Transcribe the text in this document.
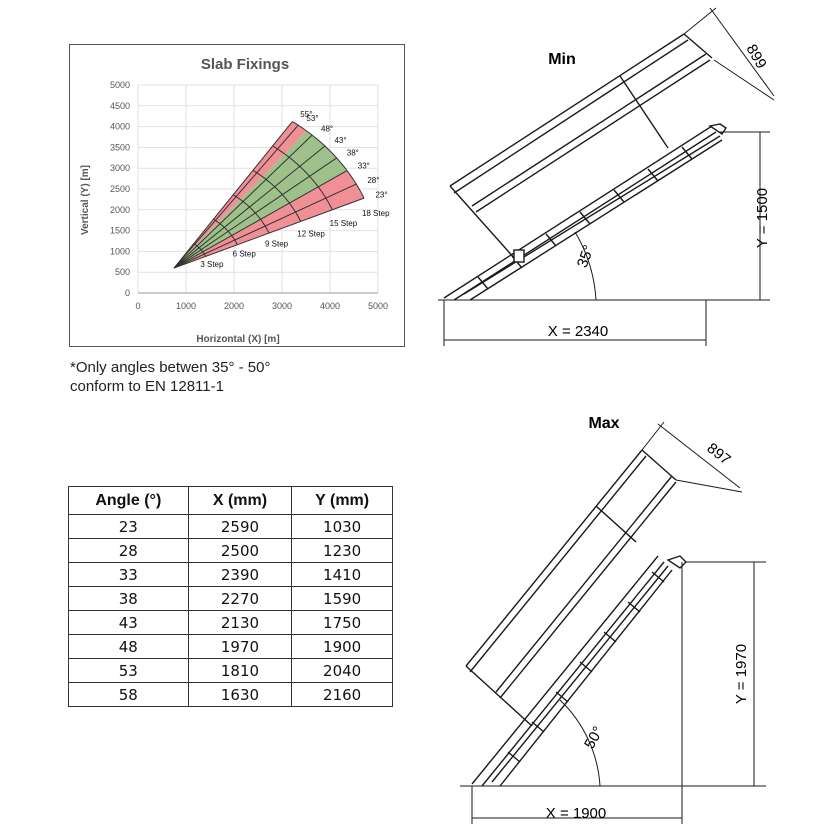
Slab Fixings
55°
53°
48°
43°
38°
33°
28°
23°
3 Step
6 Step
9 Step
12 Step
15 Step
18 Step
0	1000	2000	3000	4000	5000
0
500
1000
1500
2000
2500
3000
3500
4000
4500
5000
Horizontal (X) [m]
Vertical (Y) [m]
*Only angles betwen 35° - 50°
conform to EN 12811-1
Angle (°)	X (mm)	Y (mm)
23	2590	1030
28	2500	1230
33	2390	1410
38	2270	1590
43	2130	1750
48	1970	1900
53	1810	2040
58	1630	2160
Min	899
Y = 1500
X = 2340
35°
Max
897
Y = 1970
X = 1900
50°
